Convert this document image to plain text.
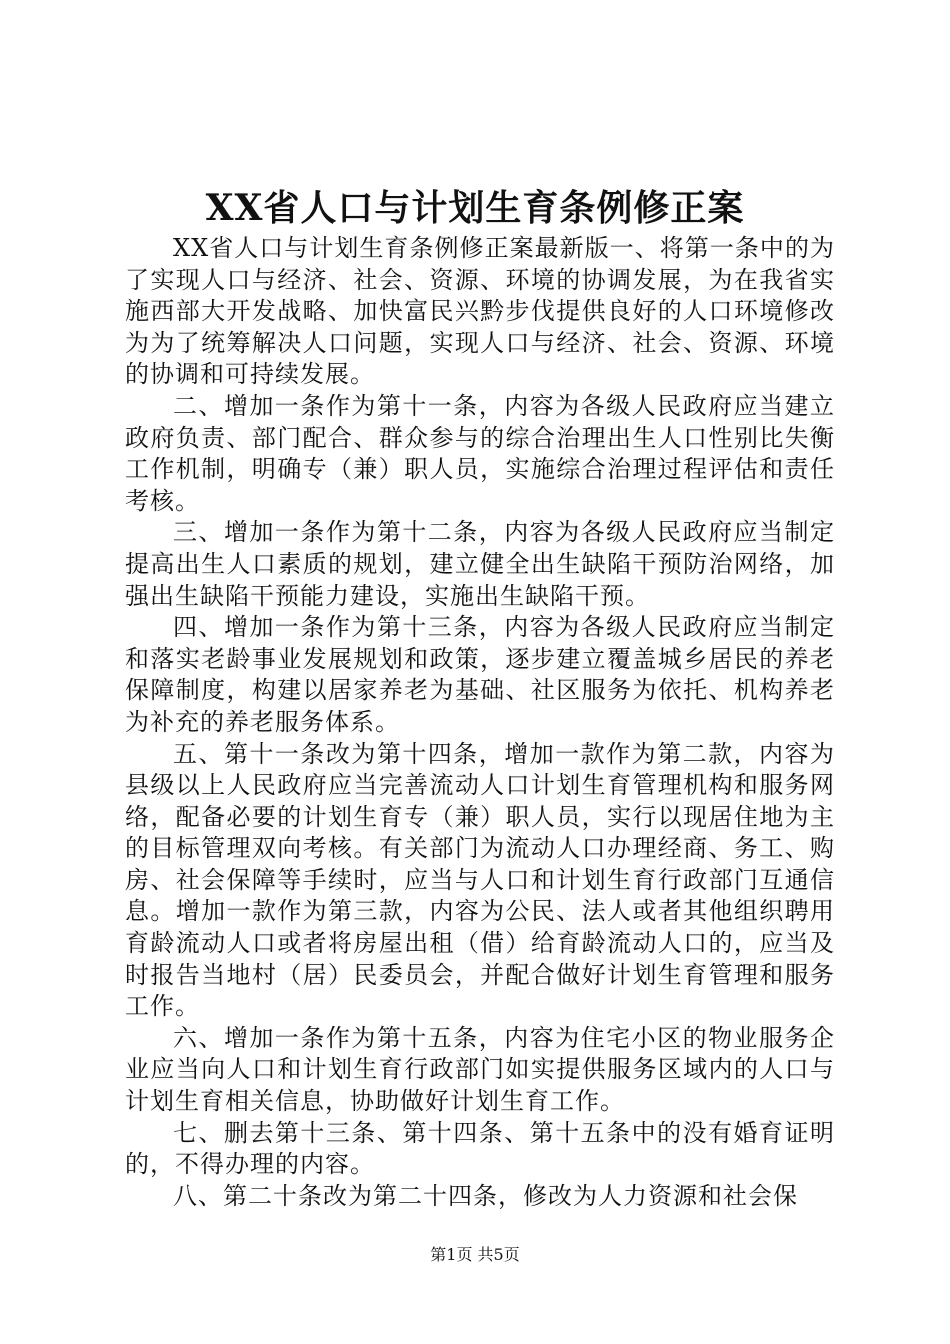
XX省人口与计划生育条例修正案

XX省人口与计划生育条例修正案最新版一、将第一条中的为了实现人口与经济、社会、资源、环境的协调发展，为在我省实施西部大开发战略、加快富民兴黔步伐提供良好的人口环境修改为为了统筹解决人口问题，实现人口与经济、社会、资源、环境的协调和可持续发展。

二、增加一条作为第十一条，内容为各级人民政府应当建立政府负责、部门配合、群众参与的综合治理出生人口性别比失衡工作机制，明确专（兼）职人员，实施综合治理过程评估和责任考核。

三、增加一条作为第十二条，内容为各级人民政府应当制定提高出生人口素质的规划，建立健全出生缺陷干预防治网络，加强出生缺陷干预能力建设，实施出生缺陷干预。

四、增加一条作为第十三条，内容为各级人民政府应当制定和落实老龄事业发展规划和政策，逐步建立覆盖城乡居民的养老保障制度，构建以居家养老为基础、社区服务为依托、机构养老为补充的养老服务体系。

五、第十一条改为第十四条，增加一款作为第二款，内容为县级以上人民政府应当完善流动人口计划生育管理机构和服务网络，配备必要的计划生育专（兼）职人员，实行以现居住地为主的目标管理双向考核。有关部门为流动人口办理经商、务工、购房、社会保障等手续时，应当与人口和计划生育行政部门互通信息。增加一款作为第三款，内容为公民、法人或者其他组织聘用育龄流动人口或者将房屋出租（借）给育龄流动人口的，应当及时报告当地村（居）民委员会，并配合做好计划生育管理和服务工作。

六、增加一条作为第十五条，内容为住宅小区的物业服务企业应当向人口和计划生育行政部门如实提供服务区域内的人口与计划生育相关信息，协助做好计划生育工作。

七、删去第十三条、第十四条、第十五条中的没有婚育证明的，不得办理的内容。

八、第二十条改为第二十四条，修改为人力资源和社会保

第1页 共5页
